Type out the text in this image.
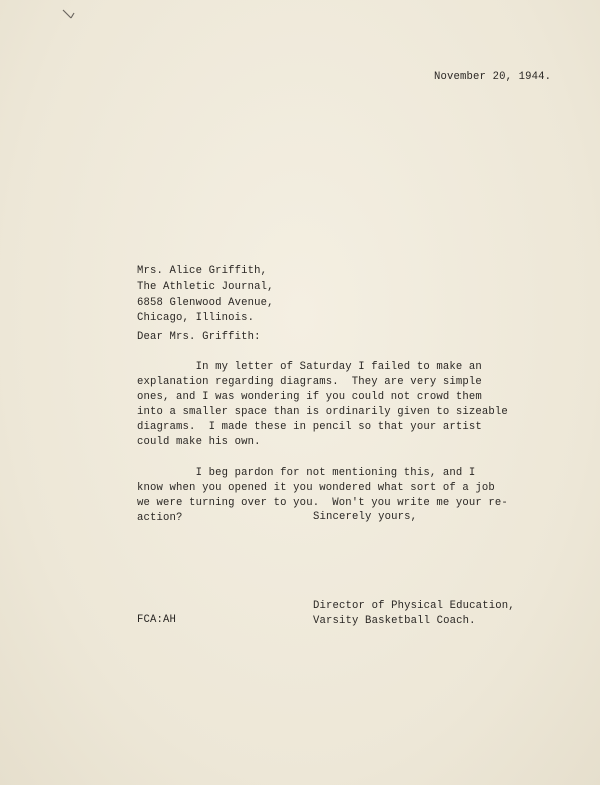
November 20, 1944.
Mrs. Alice Griffith,
The Athletic Journal,
6858 Glenwood Avenue,
Chicago, Illinois.
Dear Mrs. Griffith:
In my letter of Saturday I failed to make an
explanation regarding diagrams.  They are very simple
ones, and I was wondering if you could not crowd them
into a smaller space than is ordinarily given to sizeable
diagrams.  I made these in pencil so that your artist
could make his own.
I beg pardon for not mentioning this, and I
know when you opened it you wondered what sort of a job
we were turning over to you.  Won't you write me your re-
action?	Sincerely yours,
FCA:AH
Director of Physical Education,
Varsity Basketball Coach.
